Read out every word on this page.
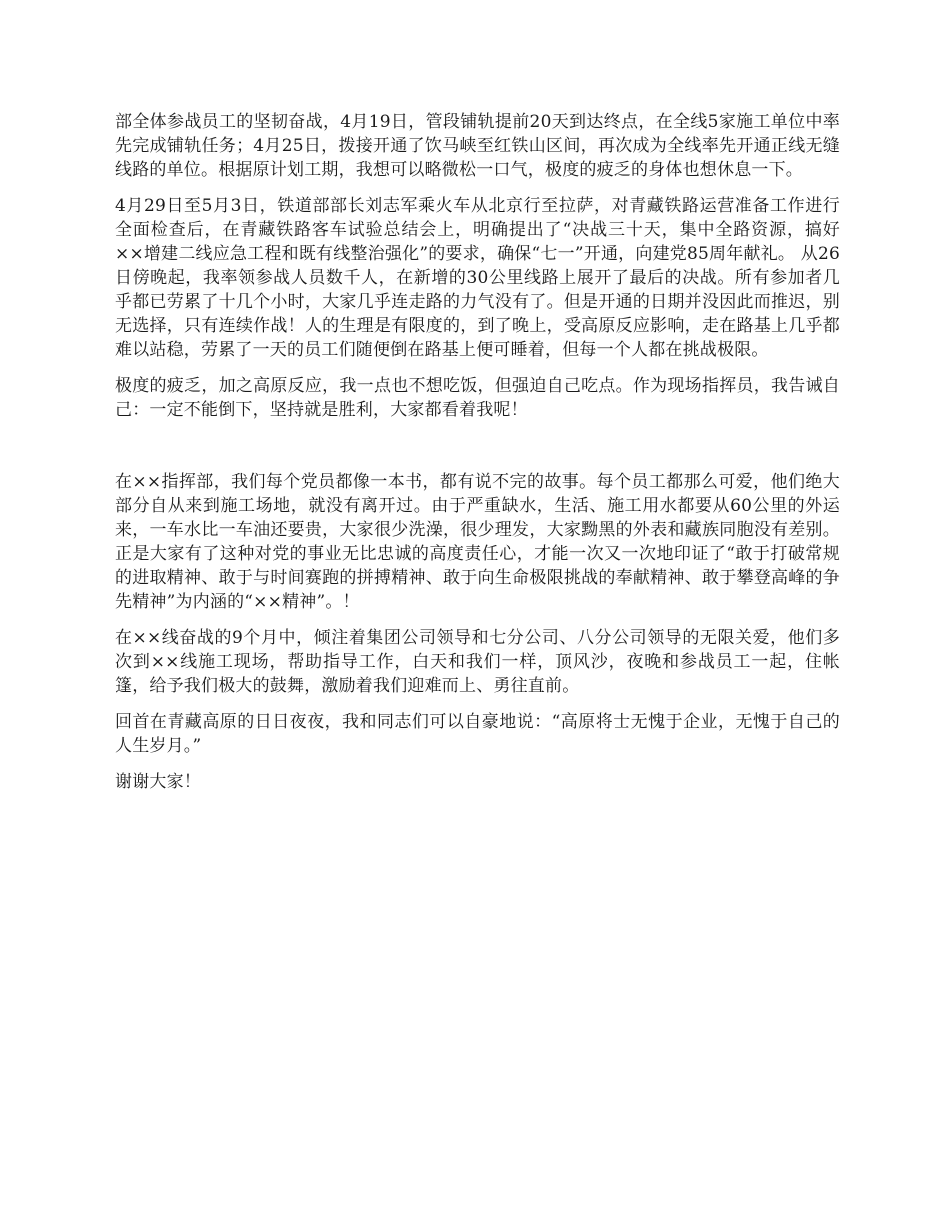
部全体参战员工的坚韧奋战，4月19日，管段铺轨提前20天到达终点，在全线5家施工单位中率先完成铺轨任务；4月25日，拨接开通了饮马峡至红铁山区间，再次成为全线率先开通正线无缝线路的单位。根据原计划工期，我想可以略微松一口气，极度的疲乏的身体也想休息一下。

4月29日至5月3日，铁道部部长刘志军乘火车从北京行至拉萨，对青藏铁路运营准备工作进行全面检查后，在青藏铁路客车试验总结会上，明确提出了“决战三十天，集中全路资源，搞好××增建二线应急工程和既有线整治强化”的要求，确保“七一”开通，向建党85周年献礼。 从26日傍晚起，我率领参战人员数千人，在新增的30公里线路上展开了最后的决战。所有参加者几乎都已劳累了十几个小时，大家几乎连走路的力气没有了。但是开通的日期并没因此而推迟，别无选择，只有连续作战！人的生理是有限度的，到了晚上，受高原反应影响，走在路基上几乎都难以站稳，劳累了一天的员工们随便倒在路基上便可睡着，但每一个人都在挑战极限。

极度的疲乏，加之高原反应，我一点也不想吃饭，但强迫自己吃点。作为现场指挥员，我告诫自己：一定不能倒下，坚持就是胜利，大家都看着我呢！

在××指挥部，我们每个党员都像一本书，都有说不完的故事。每个员工都那么可爱，他们绝大部分自从来到施工场地，就没有离开过。由于严重缺水，生活、施工用水都要从60公里的外运来，一车水比一车油还要贵，大家很少洗澡，很少理发，大家黝黑的外表和藏族同胞没有差别。正是大家有了这种对党的事业无比忠诚的高度责任心，才能一次又一次地印证了“敢于打破常规的进取精神、敢于与时间赛跑的拼搏精神、敢于向生命极限挑战的奉献精神、敢于攀登高峰的争先精神”为内涵的“××精神”。！

在××线奋战的9个月中，倾注着集团公司领导和七分公司、八分公司领导的无限关爱，他们多次到××线施工现场，帮助指导工作，白天和我们一样，顶风沙，夜晚和参战员工一起，住帐篷，给予我们极大的鼓舞，激励着我们迎难而上、勇往直前。

回首在青藏高原的日日夜夜，我和同志们可以自豪地说：“高原将士无愧于企业，无愧于自己的人生岁月。”

谢谢大家！
